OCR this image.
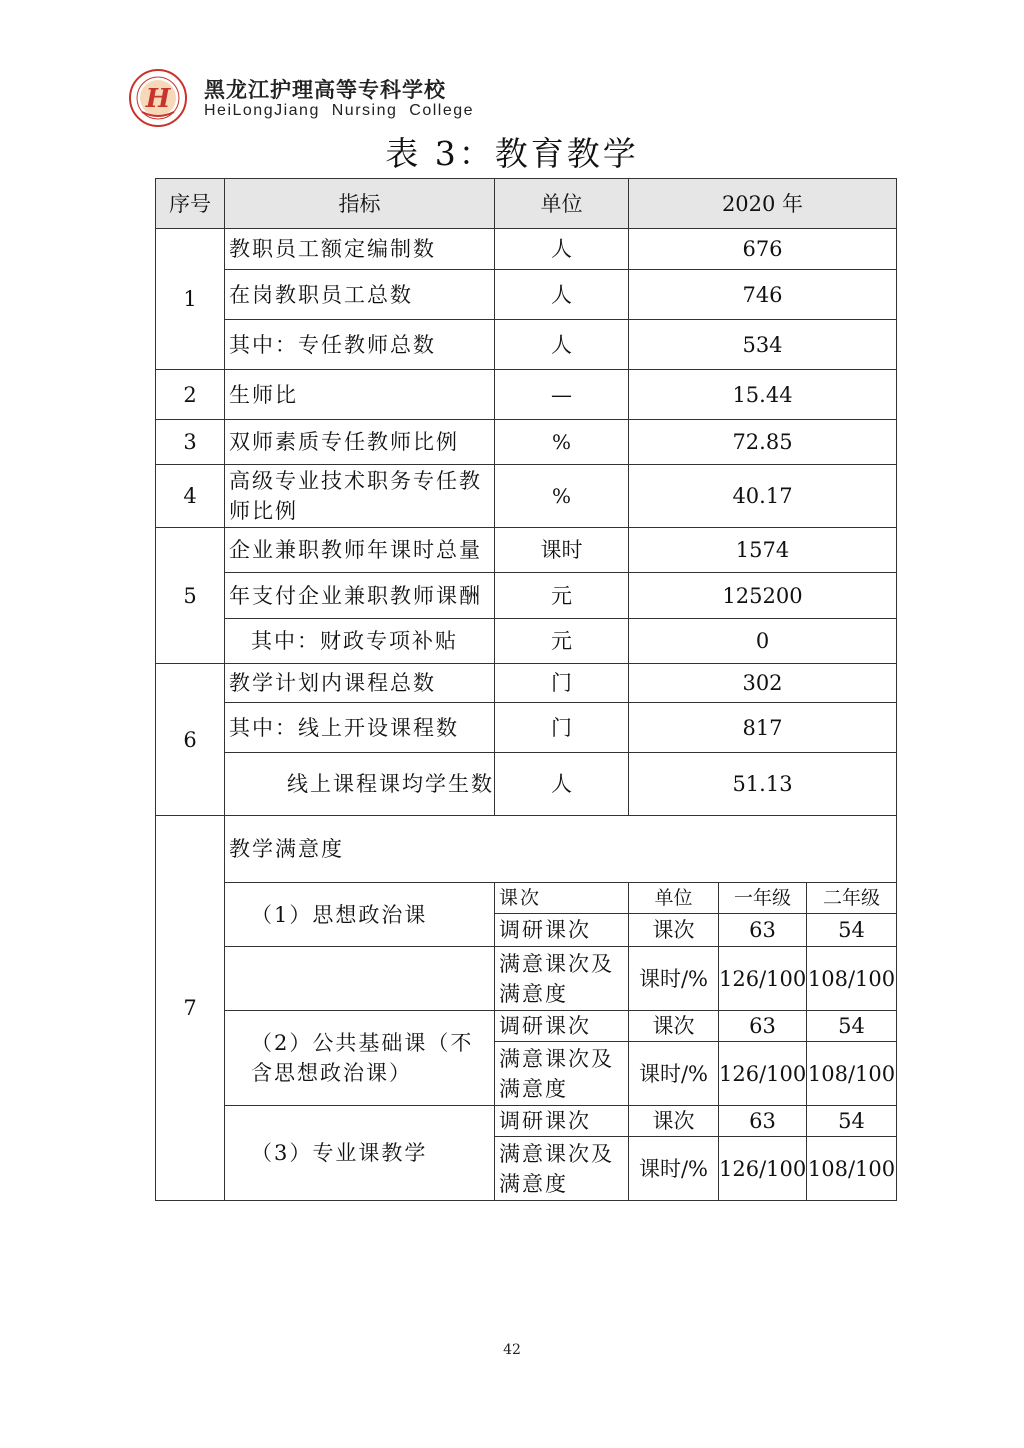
H 黑龙江护理高等专科学校
HeiLongJiang  Nursing  College
表 3：教育教学
序号	指标	单位	2020 年		
1	教职员工额定编制数	人	676		
	在岗教职员工总数	人	746		
	其中：专任教师总数	人	534		
2	生师比	—	15.44		
3	双师素质专任教师比例	%	72.85		
4	高级专业技术职务专任教师比例	%	40.17		
5	企业兼职教师年课时总量	课时	1574		
	年支付企业兼职教师课酬	元	125200		
	其中：财政专项补贴	元	0		
6	教学计划内课程总数	门	302		
	其中：线上开设课程数	门	817		
	线上课程课均学生数	人	51.13		
7	教学满意度				
	（1）思想政治课	课次	单位	一年级	二年级
		调研课次	课次	63	54
		满意课次及满意度	课时/%	126/100	108/100
	（2）公共基础课（不含思想政治课）	调研课次	课次	63	54
		满意课次及满意度	课时/%	126/100	108/100
	（3）专业课教学	调研课次	课次	63	54
		满意课次及满意度	课时/%	126/100	108/100
42
